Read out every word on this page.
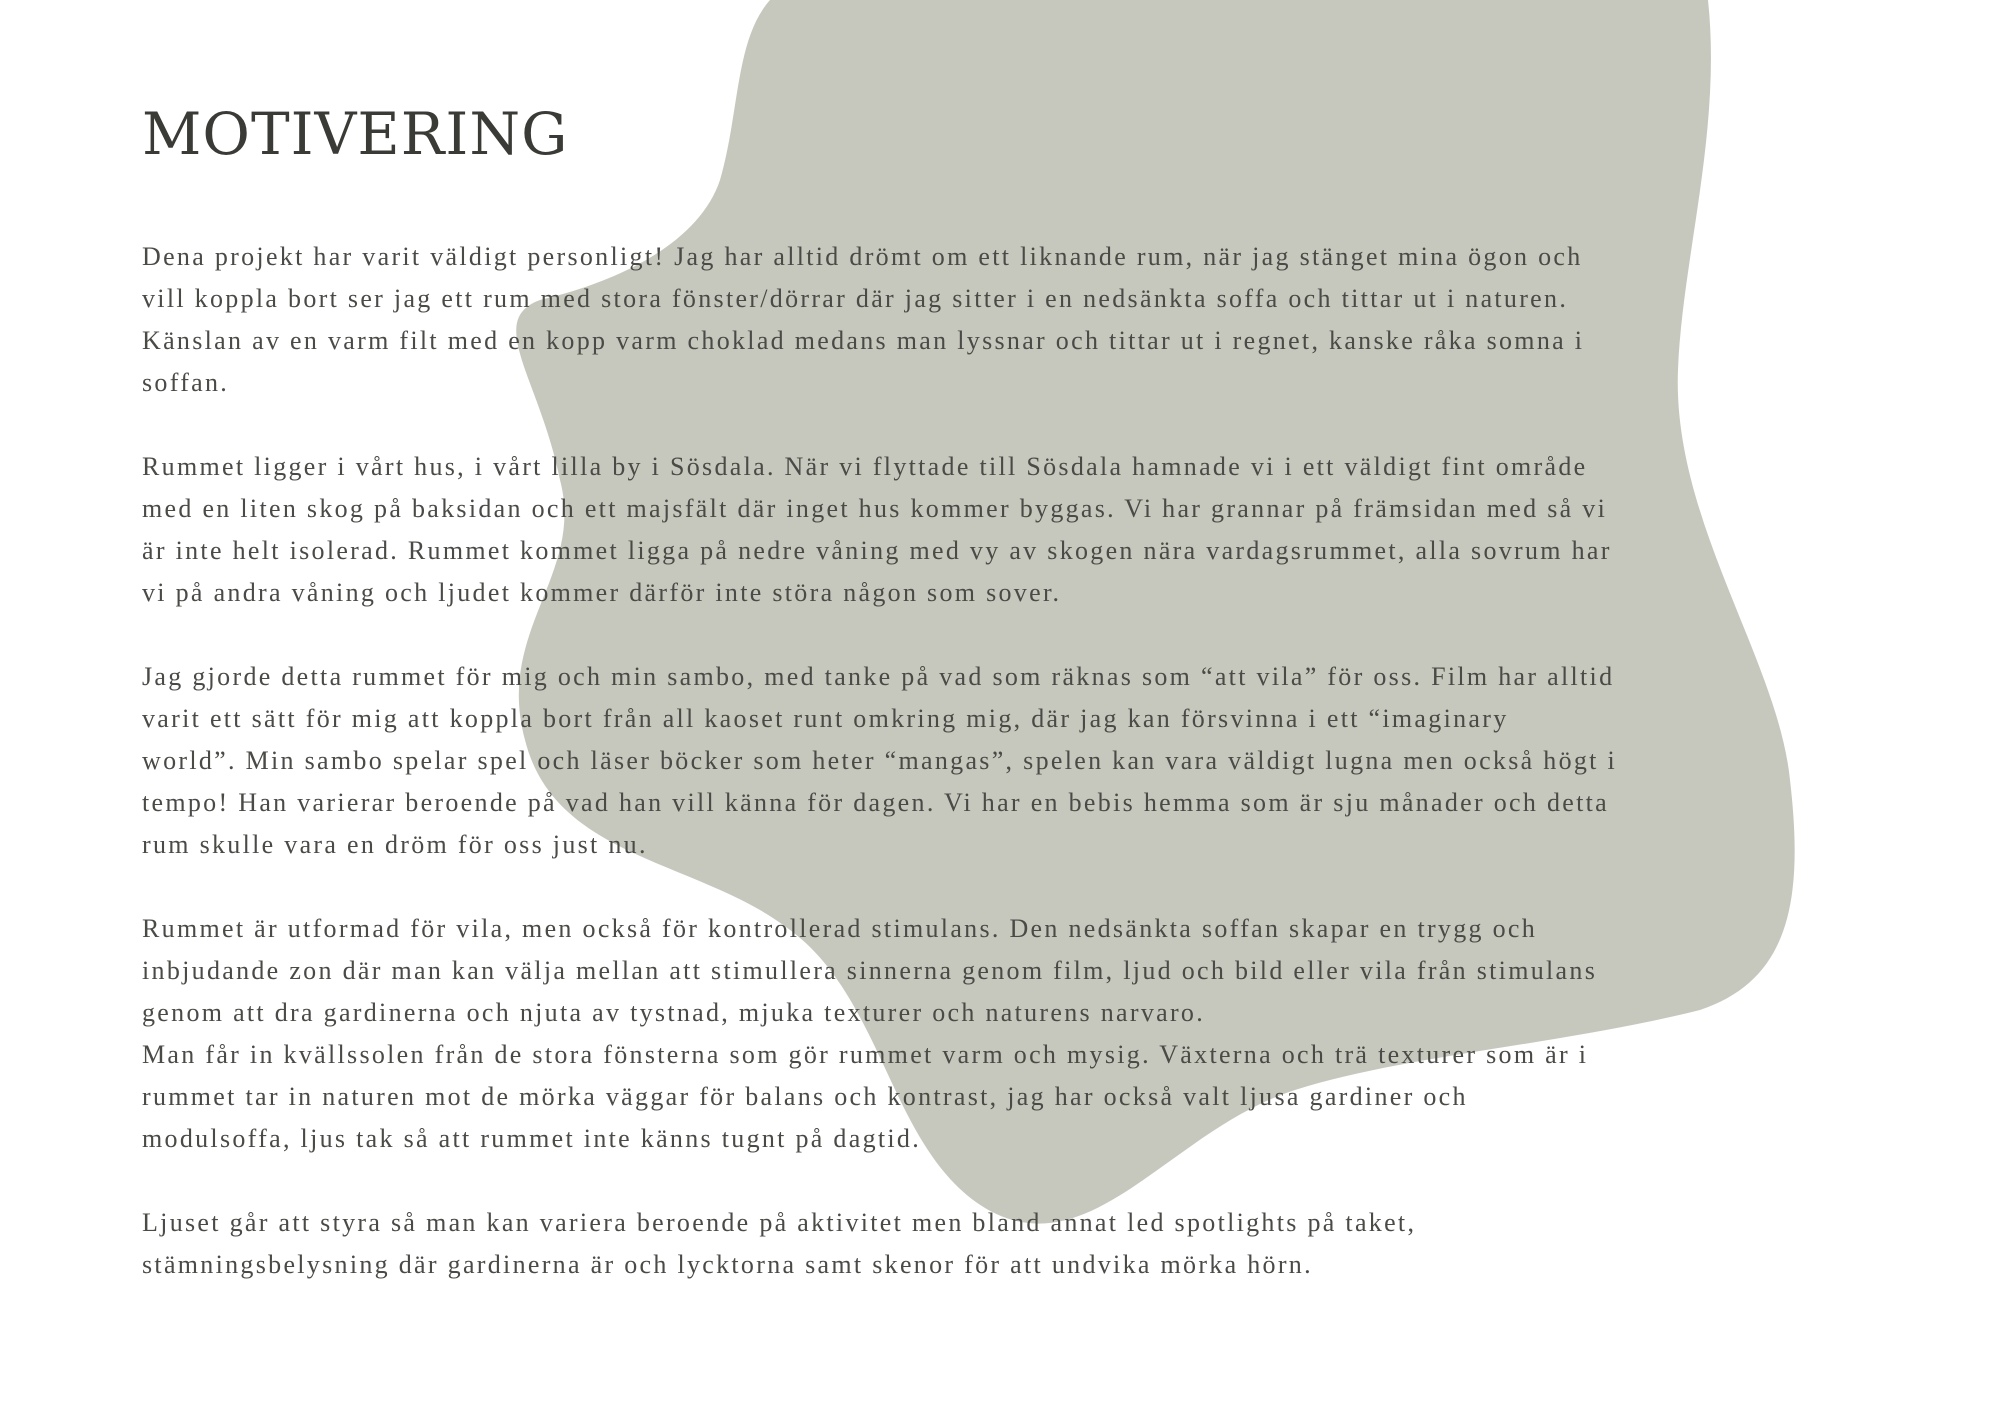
MOTIVERING

Dena projekt har varit väldigt personligt! Jag har alltid drömt om ett liknande rum, när jag stänget mina ögon och
vill koppla bort ser jag ett rum med stora fönster/dörrar där jag sitter i en nedsänkta soffa och tittar ut i naturen.
Känslan av en varm filt med en kopp varm choklad medans man lyssnar och tittar ut i regnet, kanske råka somna i
soffan.

Rummet ligger i vårt hus, i vårt lilla by i Sösdala. När vi flyttade till Sösdala hamnade vi i ett väldigt fint område
med en liten skog på baksidan och ett majsfält där inget hus kommer byggas. Vi har grannar på främsidan med så vi
är inte helt isolerad. Rummet kommet ligga på nedre våning med vy av skogen nära vardagsrummet, alla sovrum har
vi på andra våning och ljudet kommer därför inte störa någon som sover.

Jag gjorde detta rummet för mig och min sambo, med tanke på vad som räknas som “att vila” för oss. Film har alltid
varit ett sätt för mig att koppla bort från all kaoset runt omkring mig, där jag kan försvinna i ett “imaginary
world”. Min sambo spelar spel och läser böcker som heter “mangas”, spelen kan vara väldigt lugna men också högt i
tempo! Han varierar beroende på vad han vill känna för dagen. Vi har en bebis hemma som är sju månader och detta
rum skulle vara en dröm för oss just nu.

Rummet är utformad för vila, men också för kontrollerad stimulans. Den nedsänkta soffan skapar en trygg och
inbjudande zon där man kan välja mellan att stimullera sinnerna genom film, ljud och bild eller vila från stimulans
genom att dra gardinerna och njuta av tystnad, mjuka texturer och naturens narvaro.
Man får in kvällssolen från de stora fönsterna som gör rummet varm och mysig. Växterna och trä texturer som är i
rummet tar in naturen mot de mörka väggar för balans och kontrast, jag har också valt ljusa gardiner och
modulsoffa, ljus tak så att rummet inte känns tugnt på dagtid.

Ljuset går att styra så man kan variera beroende på aktivitet men bland annat led spotlights på taket,
stämningsbelysning där gardinerna är och lycktorna samt skenor för att undvika mörka hörn.
